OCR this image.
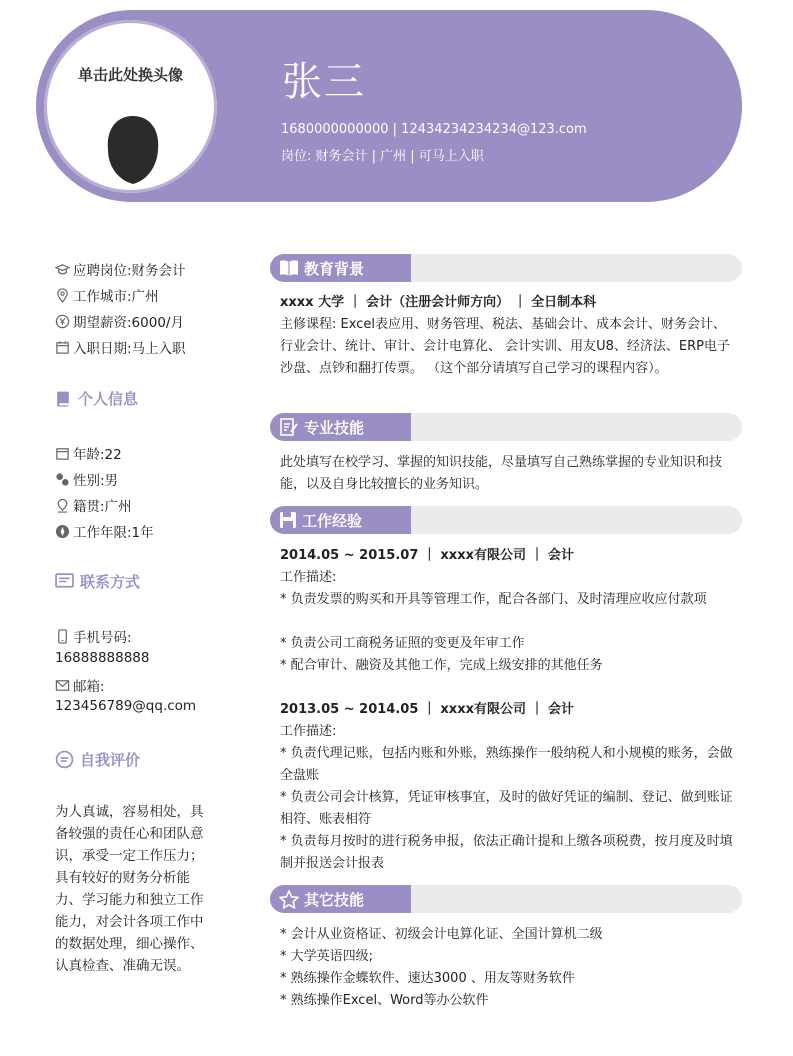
单击此处换头像	张三
1680000000000 | 12434234234234@123.com
岗位: 财务会计 | 广州 | 可马上入职
应聘岗位:财务会计
工作城市:广州
期望薪资:6000/月
入职日期:马上入职
个人信息
年龄:22
性别:男
籍贯:广州
工作年限:1年
联系方式
手机号码:
16888888888
邮箱:
123456789@qq.com
自我评价
为人真诚，容易相处，具备较强的责任心和团队意识，承受一定工作压力；具有较好的财务分析能力、学习能力和独立工作能力，对会计各项工作中的数据处理，细心操作、认真检查、准确无误。
教育背景
xxxx 大学 ｜ 会计（注册会计师方向） ｜ 全日制本科
主修课程: Excel表应用、财务管理、税法、基础会计、成本会计、财务会计、行业会计、统计、审计、会计电算化、 会计实训、用友U8、经济法、ERP电子沙盘、点钞和翻打传票。 （这个部分请填写自己学习的课程内容）。
专业技能
此处填写在校学习、掌握的知识技能，尽量填写自己熟练掌握的专业知识和技能，以及自身比较擅长的业务知识。
工作经验
2014.05 ~ 2015.07 ｜ xxxx有限公司 ｜ 会计
工作描述:
* 负责发票的购买和开具等管理工作，配合各部门、及时清理应收应付款项
* 负责公司工商税务证照的变更及年审工作
* 配合审计、融资及其他工作，完成上级安排的其他任务
2013.05 ~ 2014.05 ｜ xxxx有限公司 ｜ 会计
工作描述:
* 负责代理记账，包括内账和外账，熟练操作一般纳税人和小规模的账务，会做全盘账
* 负责公司会计核算，凭证审核事宜，及时的做好凭证的编制、登记、做到账证相符、账表相符
* 负责每月按时的进行税务申报，依法正确计提和上缴各项税费，按月度及时填制并报送会计报表
其它技能
* 会计从业资格证、初级会计电算化证、全国计算机二级
* 大学英语四级;
* 熟练操作金蝶软件、速达3000 、用友等财务软件
* 熟练操作Excel、Word等办公软件
